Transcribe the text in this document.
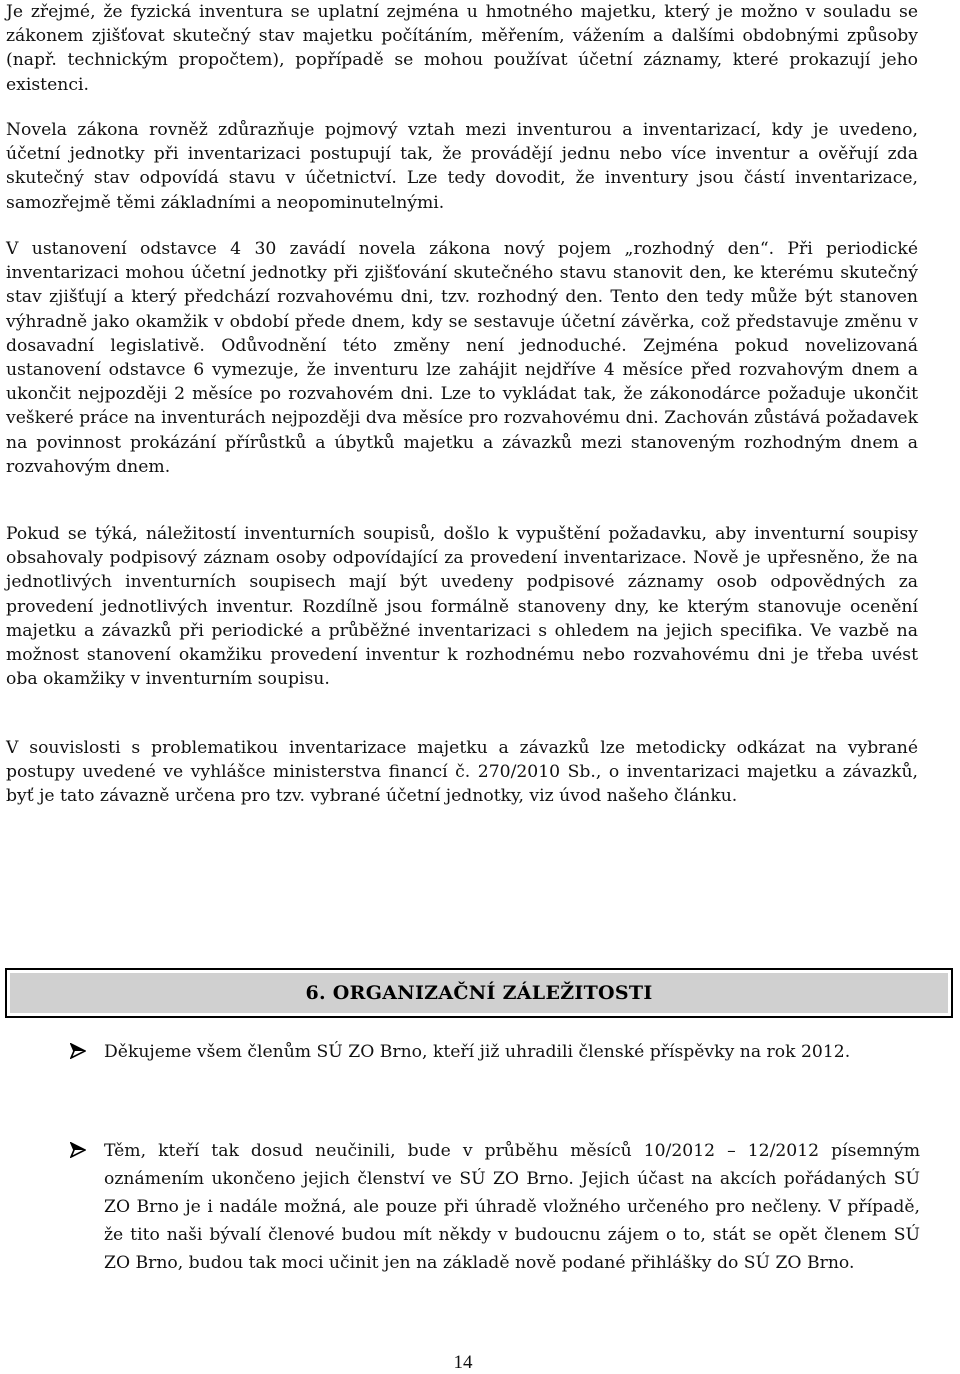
Je zřejmé, že fyzická inventura se uplatní zejména u hmotného majetku, který je možno v souladu se zákonem zjišťovat skutečný stav majetku počítáním, měřením, vážením a dalšími obdobnými způsoby (např. technickým propočtem), popřípadě se mohou používat účetní záznamy, které prokazují jeho existenci.

Novela zákona rovněž zdůrazňuje pojmový vztah mezi inventurou a inventarizací, kdy je uvedeno, účetní jednotky při inventarizaci postupují tak, že provádějí jednu nebo více inventur a ověřují zda skutečný stav odpovídá stavu v účetnictví. Lze tedy dovodit, že inventury jsou částí inventarizace, samozřejmě těmi základními a neopominutelnými.

V ustanovení odstavce 4 30 zavádí novela zákona nový pojem „rozhodný den“. Při periodické inventarizaci mohou účetní jednotky při zjišťování skutečného stavu stanovit den, ke kterému skutečný stav zjišťují a který předchází rozvahovému dni, tzv. rozhodný den. Tento den tedy může být stanoven výhradně jako okamžik v období přede dnem, kdy se sestavuje účetní závěrka, což představuje změnu v dosavadní legislativě. Odůvodnění této změny není jednoduché. Zejména pokud novelizovaná ustanovení odstavce 6 vymezuje, že inventuru lze zahájit nejdříve 4 měsíce před rozvahovým dnem a ukončit nejpozději 2 měsíce po rozvahovém dni. Lze to vykládat tak, že zákonodárce požaduje ukončit veškeré práce na inventurách nejpozději dva měsíce pro rozvahovému dni. Zachován zůstává požadavek na povinnost prokázání přírůstků a úbytků majetku a závazků mezi stanoveným rozhodným dnem a rozvahovým dnem.

Pokud se týká, náležitostí inventurních soupisů, došlo k vypuštění požadavku, aby inventurní soupisy obsahovaly podpisový záznam osoby odpovídající za provedení inventarizace. Nově je upřesněno, že na jednotlivých inventurních soupisech mají být uvedeny podpisové záznamy osob odpovědných za provedení jednotlivých inventur. Rozdílně jsou formálně stanoveny dny, ke kterým stanovuje ocenění majetku a závazků při periodické a průběžné inventarizaci s ohledem na jejich specifika. Ve vazbě na možnost stanovení okamžiku provedení inventur k rozhodnému nebo rozvahovému dni je třeba uvést oba okamžiky v inventurním soupisu.

V souvislosti s problematikou inventarizace majetku a závazků lze metodicky odkázat na vybrané postupy uvedené ve vyhlášce ministerstva financí č. 270/2010 Sb., o inventarizaci majetku a závazků, byť je tato závazně určena pro tzv. vybrané účetní jednotky, viz úvod našeho článku.

6. ORGANIZAČNÍ ZÁLEŽITOSTI
Děkujeme všem členům SÚ ZO Brno, kteří již uhradili členské příspěvky na rok 2012.
Těm, kteří tak dosud neučinili, bude v průběhu měsíců 10/2012 – 12/2012 písemným oznámením ukončeno jejich členství ve SÚ ZO Brno. Jejich účast na akcích pořádaných SÚ ZO Brno je i nadále možná, ale pouze při úhradě vložného určeného pro nečleny. V případě, že tito naši bývalí členové budou mít někdy v budoucnu zájem o to, stát se opět členem SÚ ZO Brno, budou tak moci učinit jen na základě nově podané přihlášky do SÚ ZO Brno.
14
